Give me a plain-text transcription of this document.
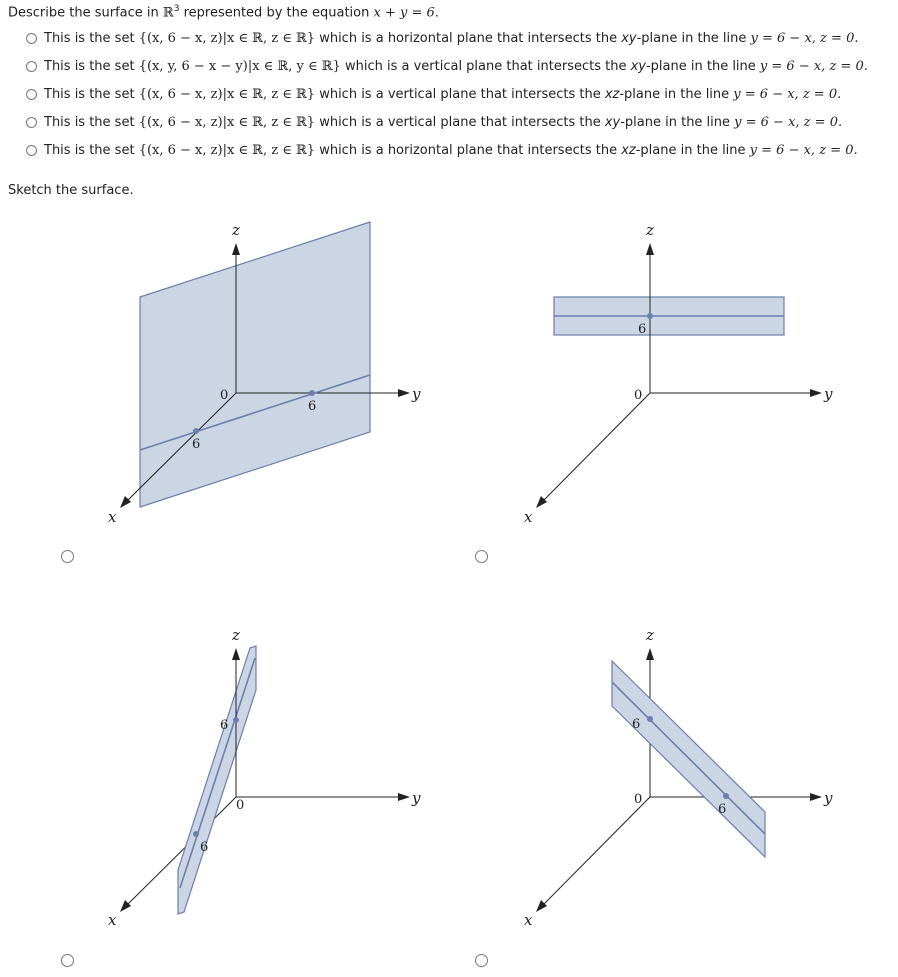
Describe the surface in ℝ$^3$ represented by the equation x + y = 6.
This is the set {(x, 6 − x, z)|x ∈ ℝ, z ∈ ℝ} which is a horizontal plane that intersects the xy-plane in the line y = 6 − x, z = 0.
This is the set {(x, y, 6 − x − y)|x ∈ ℝ, y ∈ ℝ} which is a vertical plane that intersects the xy-plane in the line y = 6 − x, z = 0.
This is the set {(x, 6 − x, z)|x ∈ ℝ, z ∈ ℝ} which is a vertical plane that intersects the xz-plane in the line y = 6 − x, z = 0.
This is the set {(x, 6 − x, z)|x ∈ ℝ, z ∈ ℝ} which is a vertical plane that intersects the xy-plane in the line y = 6 − x, z = 0.
This is the set {(x, 6 − x, z)|x ∈ ℝ, z ∈ ℝ} which is a horizontal plane that intersects the xz-plane in the line y = 6 − x, z = 0.
Sketch the surface.
z
y
x
0
6
6
z
y
x
0
6
z
y
x
0
6
6
z
y
x
0
6
6
